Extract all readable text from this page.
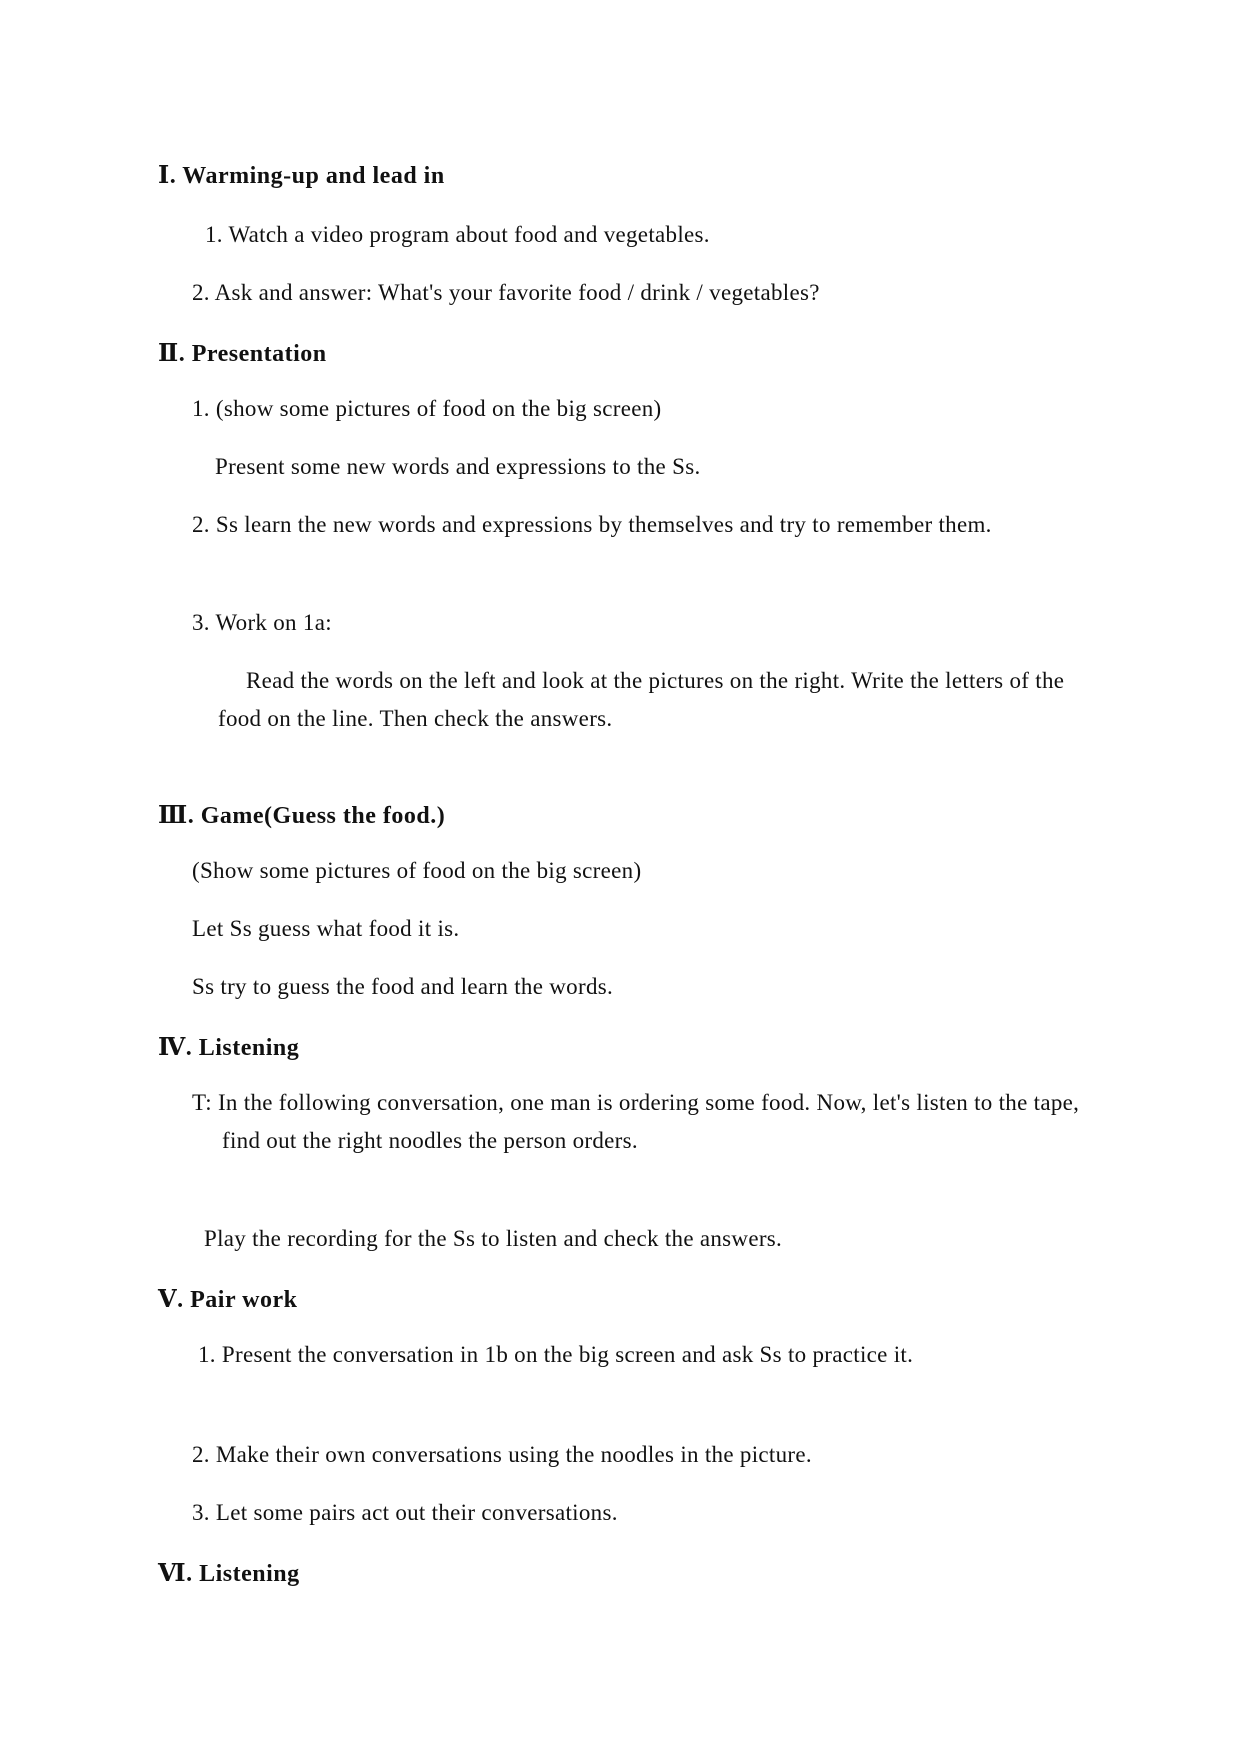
Ⅰ. Warming-up and lead in
1. Watch a video program about food and vegetables.
2. Ask and answer: What's your favorite food / drink / vegetables?
Ⅱ. Presentation
1. (show some pictures of food on the big screen)
Present some new words and expressions to the Ss.
2. Ss learn the new words and expressions by themselves and try to remember them.
3. Work on 1a:
Read the words on the left and look at the pictures on the right. Write the letters of the food on the line. Then check the answers.
Ⅲ. Game(Guess the food.)
(Show some pictures of food on the big screen)
Let Ss guess what food it is.
Ss try to guess the food and learn the words.
Ⅳ. Listening
T: In the following conversation, one man is ordering some food. Now, let's listen to the tape, find out the right noodles the person orders.
Play the recording for the Ss to listen and check the answers.
Ⅴ. Pair work
1. Present the conversation in 1b on the big screen and ask Ss to practice it.
2. Make their own conversations using the noodles in the picture.
3. Let some pairs act out their conversations.
Ⅵ. Listening
